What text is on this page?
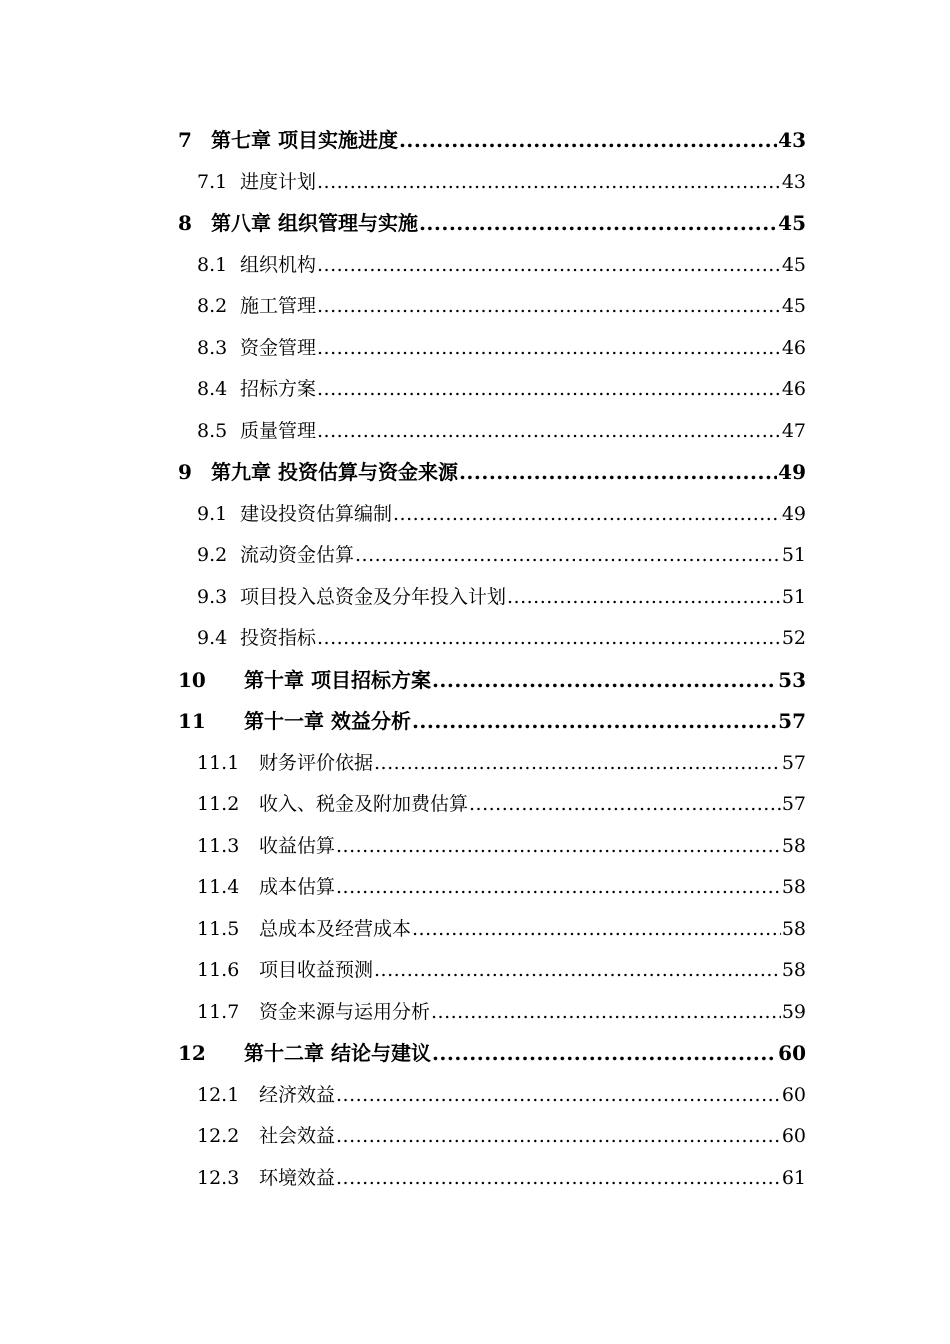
7 第七章 项目实施进度 .....	43
7.1 进度计划 .....	43
8 第八章 组织管理与实施 .....	45
8.1 组织机构 .....	45
8.2 施工管理 .....	45
8.3 资金管理 .....	46
8.4 招标方案 .....	46
8.5 质量管理 .....	47
9 第九章 投资估算与资金来源 .....	49
9.1 建设投资估算编制 .....	49
9.2 流动资金估算 .....	51
9.3 项目投入总资金及分年投入计划 .....	51
9.4 投资指标 .....	52
10	第十章 项目招标方案 .....	53
11	第十一章 效益分析 .....	57
11.1	财务评价依据 .....	57
11.2	收入、税金及附加费估算 .....	57
11.3	收益估算 .....	58
11.4	成本估算 .....	58
11.5	总成本及经营成本 .....	58
11.6	项目收益预测 .....	58
11.7	资金来源与运用分析 .....	59
12	第十二章 结论与建议 .....	60
12.1	经济效益 .....	60
12.2	社会效益 .....	60
12.3	环境效益 .....	61
